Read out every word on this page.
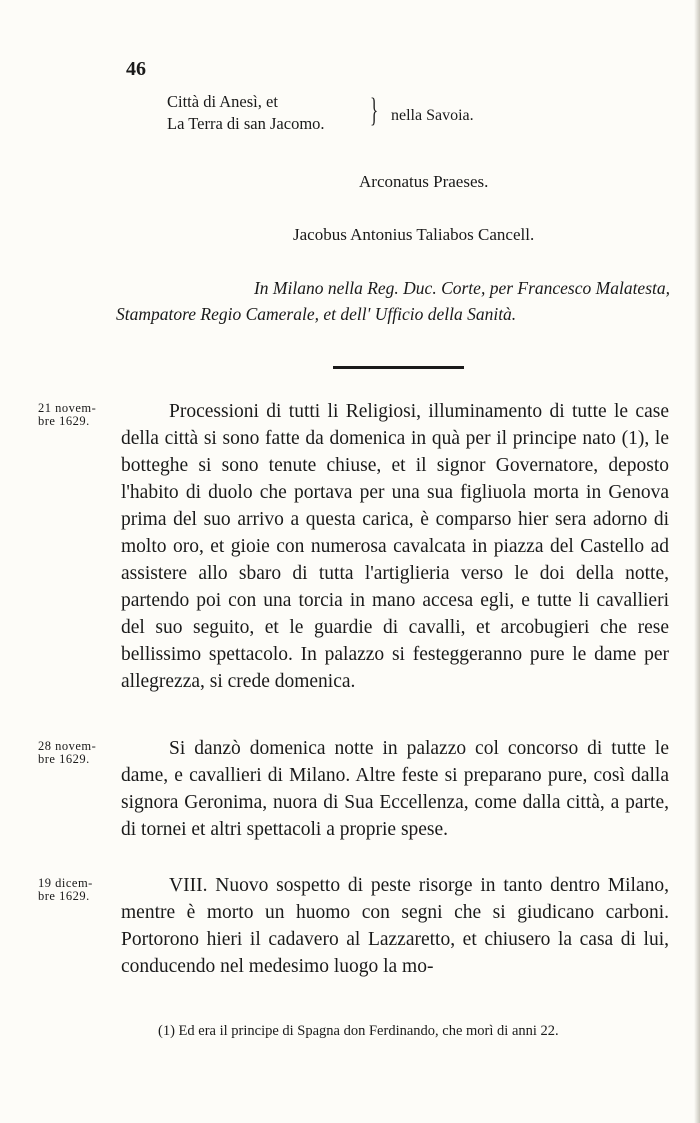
46
Città di Anesì, et
La Terra di san Jacomo. } nella Savoia.
Arconatus Praeses.
Jacobus Antonius Taliabos Cancell.
In Milano nella Reg. Duc. Corte, per Francesco Malatesta,
Stampatore Regio Camerale, et dell' Ufficio della Sanità.
21 novem-
bre 1629.
28 novem-
bre 1629.
19 dicem-
bre 1629.

Processioni di tutti li Religiosi, illuminamento di tutte le case della città si sono fatte da domenica in quà per il principe nato (1), le botteghe si sono tenute chiuse, et il signor Governatore, deposto l'habito di duolo che portava per una sua figliuola morta in Genova prima del suo arrivo a questa carica, è comparso hier sera adorno di molto oro, et gioie con numerosa cavalcata in piazza del Castello ad assistere allo sbaro di tutta l'artiglieria verso le doi della notte, partendo poi con una torcia in mano accesa egli, e tutte li cavallieri del suo seguito, et le guardie di cavalli, et arcobugieri che rese bellissimo spettacolo. In palazzo si festeggeranno pure le dame per allegrezza, si crede domenica.

Si danzò domenica notte in palazzo col concorso di tutte le dame, e cavallieri di Milano. Altre feste si preparano pure, così dalla signora Geronima, nuora di Sua Eccellenza, come dalla città, a parte, di tornei et altri spettacoli a proprie spese.

VIII. Nuovo sospetto di peste risorge in tanto dentro Milano, mentre è morto un huomo con segni che si giudicano carboni. Portorono hieri il cadavero al Lazzaretto, et chiusero la casa di lui, conducendo nel medesimo luogo la mo-

(1) Ed era il principe di Spagna don Ferdinando, che morì di anni 22.
